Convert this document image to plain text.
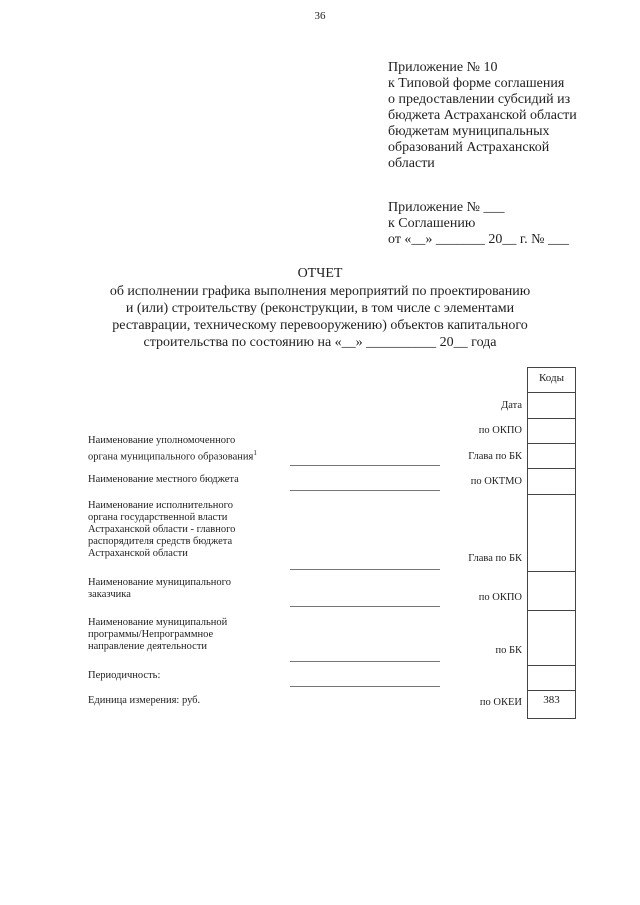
36
Приложение № 10
к Типовой форме соглашения
о предоставлении субсидий из
бюджета Астраханской области
бюджетам муниципальных
образований Астраханской
области
Приложение № ___
к Соглашению
от «__» _______ 20__ г. № ___
ОТЧЕТ
об исполнении графика выполнения мероприятий по проектированию
и (или) строительству (реконструкции, в том числе с элементами
реставрации, техническому перевооружению) объектов капитального
строительства по состоянию на «__» __________ 20__ года
Коды
383
Дата
по ОКПО
Глава по БК
по ОКТМО
Глава по БК
по ОКПО
по БК
по ОКЕИ
Наименование уполномоченного
органа муниципального образования$^1$
Наименование местного бюджета
Наименование исполнительного
органа государственной власти
Астраханской области - главного
распорядителя средств бюджета
Астраханской области
Наименование муниципального
заказчика
Наименование муниципальной
программы/Непрограммное
направление деятельности
Периодичность:
Единица измерения: руб.
